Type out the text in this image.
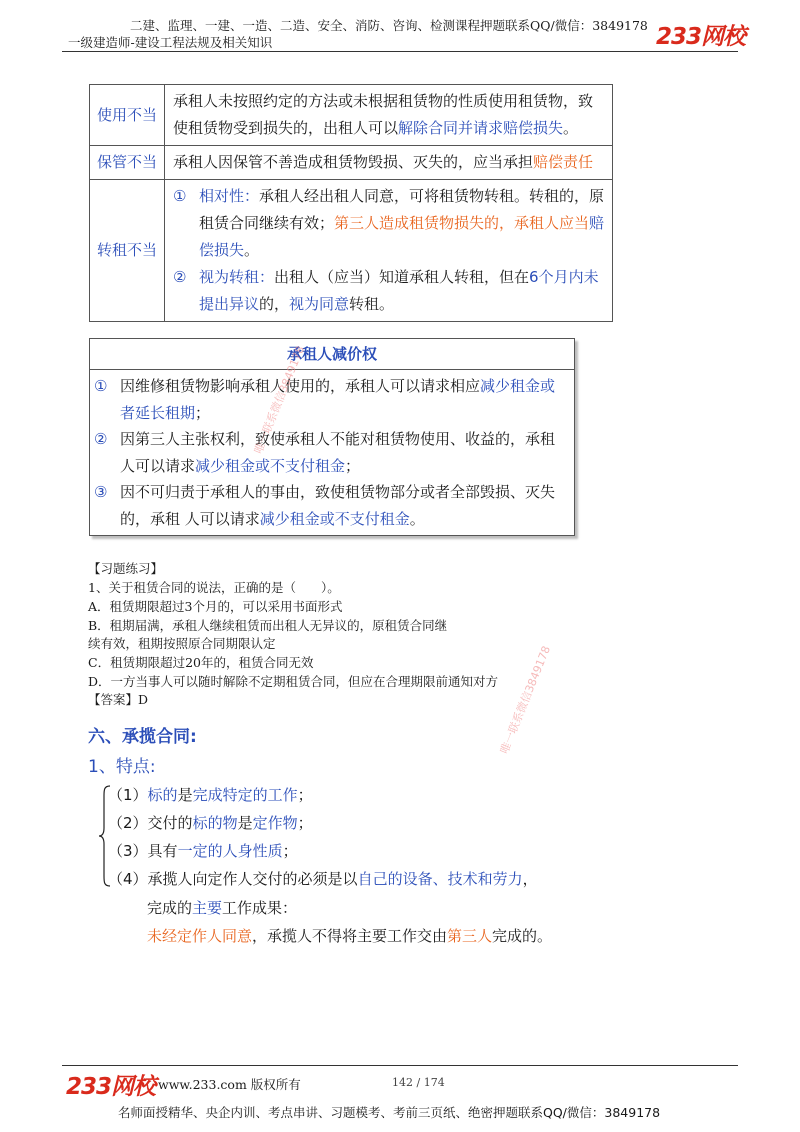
二建、监理、一建、一造、二造、安全、消防、咨询、检测课程押题联系QQ/微信：3849178
一级建造师-建设工程法规及相关知识	233网校
使用不当	承租人未按照约定的方法或未根据租赁物的性质使用租赁物，致使租赁物受到损失的，出租人可以解除合同并请求赔偿损失。
保管不当	承租人因保管不善造成租赁物毁损、灭失的，应当承担赔偿责任
转租不当	① 相对性：承租人经出租人同意，可将租赁物转租。转租的，原租赁合同继续有效；第三人造成租赁物损失的，承租人应当赔偿损失。
② 视为转租：出租人（应当）知道承租人转租，但在6个月内未提出异议的，视为同意转租。
承租人减价权
① 因维修租赁物影响承租人使用的，承租人可以请求相应减少租金或者延长租期；
② 因第三人主张权利，致使承租人不能对租赁物使用、收益的，承租人可以请求减少租金或不支付租金；
③ 因不可归责于承租人的事由，致使租赁物部分或者全部毁损、灭失的，承租 人可以请求减少租金或不支付租金。
【习题练习】
1、关于租赁合同的说法，正确的是（　　）。
A．租赁期限超过3个月的，可以采用书面形式
B．租期届满，承租人继续租赁而出租人无异议的，原租赁合同继
续有效，租期按照原合同期限认定
C．租赁期限超过20年的，租赁合同无效
D．一方当事人可以随时解除不定期租赁合同，但应在合理期限前通知对方
【答案】D
六、承揽合同:
1、特点:
（1）标的是完成特定的工作；
（2）交付的标的物是定作物；
（3）具有一定的人身性质；
（4）承揽人向定作人交付的必须是以自己的设备、技术和劳力，
完成的主要工作成果：
未经定作人同意，承揽人不得将主要工作交由第三人完成的。
唯一联系微信3849178
唯一联系微信3849178
233网校 www.233.com 版权所有	142 / 174
名师面授精华、央企内训、考点串讲、习题模考、考前三页纸、绝密押题联系QQ/微信：3849178
